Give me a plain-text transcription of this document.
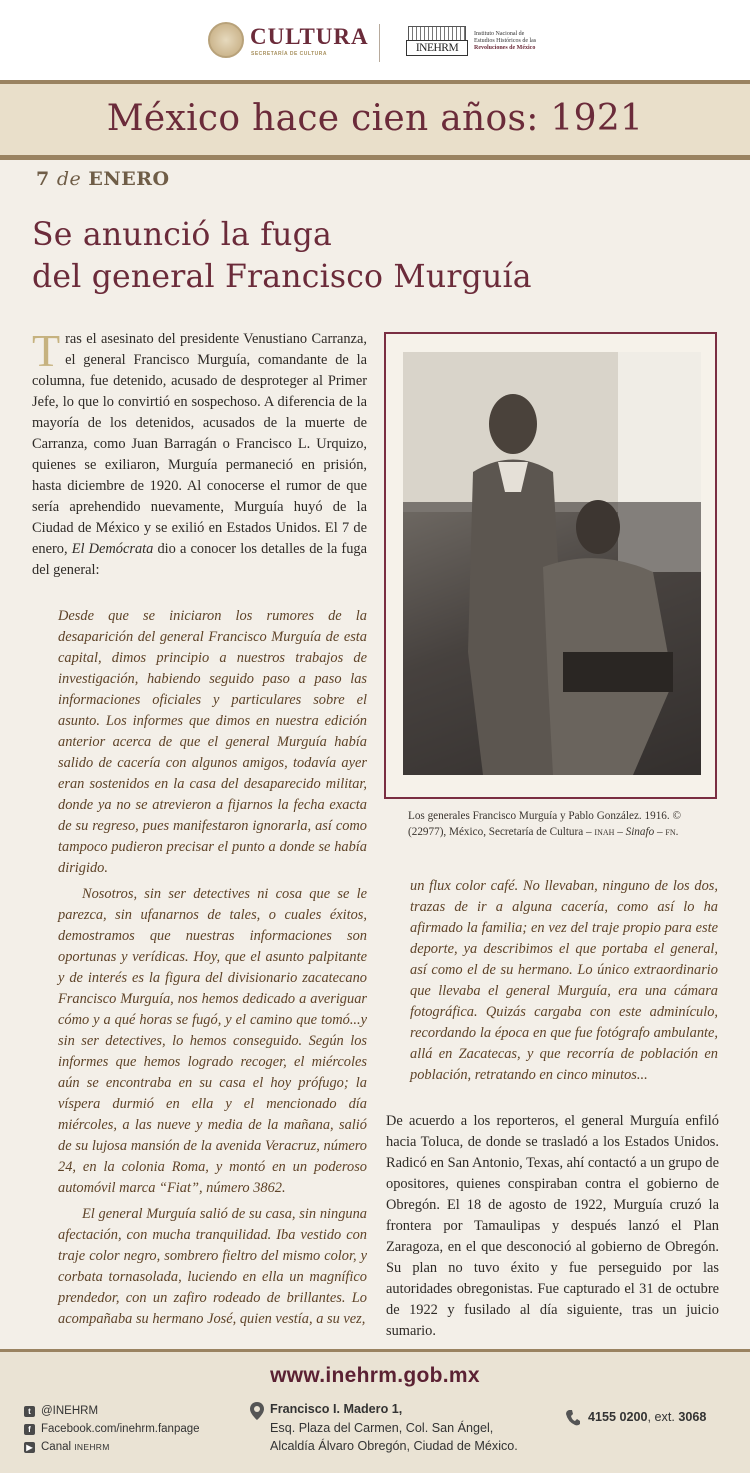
CULTURA
SECRETARÍA DE CULTURA	INEHRM
Instituto Nacional de
Estudios Históricos de las
Revoluciones de México
México hace cien años: 1921
7 de ENERO
Se anunció la fuga
del general Francisco Murguía
Tras el asesinato del presidente Venustiano Carranza, el general Francisco Murguía, comandante de la columna, fue detenido, acusado de desproteger al Primer Jefe, lo que lo convirtió en sospechoso. A diferencia de la mayoría de los detenidos, acusados de la muerte de Carranza, como Juan Barragán o Francisco L. Urquizo, quienes se exiliaron, Murguía permaneció en prisión, hasta diciembre de 1920. Al conocerse el rumor de que sería aprehendido nuevamente, Murguía huyó de la Ciudad de México y se exilió en Estados Unidos. El 7 de enero, El Demócrata dio a conocer los detalles de la fuga del general:

Desde que se iniciaron los rumores de la desaparición del general Francisco Murguía de esta capital, dimos principio a nuestros trabajos de investigación, habiendo seguido paso a paso las informaciones oficiales y particulares sobre el asunto. Los informes que dimos en nuestra edición anterior acerca de que el general Murguía había salido de cacería con algunos amigos, todavía ayer eran sostenidos en la casa del desaparecido militar, donde ya no se atrevieron a fijarnos la fecha exacta de su regreso, pues manifestaron ignorarla, así como tampoco pudieron precisar el punto a donde se había dirigido.

Nosotros, sin ser detectives ni cosa que se le parezca, sin ufanarnos de tales, o cuales éxitos, demostramos que nuestras informaciones son oportunas y verídicas. Hoy, que el asunto palpitante y de interés es la figura del divisionario zacatecano Francisco Murguía, nos hemos dedicado a averiguar cómo y a qué horas se fugó, y el camino que tomó...y sin ser detectives, lo hemos conseguido. Según los informes que hemos logrado recoger, el miércoles aún se encontraba en su casa el hoy prófugo; la víspera durmió en ella y el mencionado día miércoles, a las nueve y media de la mañana, salió de su lujosa mansión de la avenida Veracruz, número 24, en la colonia Roma, y montó en un poderoso automóvil marca “Fiat”, número 3862.

El general Murguía salió de su casa, sin ninguna afectación, con mucha tranquilidad. Iba vestido con traje color negro, sombrero fieltro del mismo color, y corbata tornasolada, luciendo en ella un magnífico prendedor, con un zafiro rodeado de brillantes. Lo acompañaba su hermano José, quien vestía, a su vez,

Los generales Francisco Murguía y Pablo González. 1916. © (22977), México, Secretaría de Cultura – inah – Sinafo – fn.

un flux color café. No llevaban, ninguno de los dos, trazas de ir a alguna cacería, como así lo ha afirmado la familia; en vez del traje propio para este deporte, ya describimos el que portaba el general, así como el de su hermano. Lo único extraordinario que llevaba el general Murguía, era una cámara fotográfica. Quizás cargaba con este adminículo, recordando la época en que fue fotógrafo ambulante, allá en Zacatecas, y que recorría de población en población, retratando en cinco minutos...

De acuerdo a los reporteros, el general Murguía enfiló hacia Toluca, de donde se trasladó a los Estados Unidos. Radicó en San Antonio, Texas, ahí contactó a un grupo de opositores, quienes conspiraban contra el gobierno de Obregón. El 18 de agosto de 1922, Murguía cruzó la frontera por Tamaulipas y después lanzó el Plan Zaragoza, en el que desconoció al gobierno de Obregón. Su plan no tuvo éxito y fue perseguido por las autoridades obregonistas. Fue capturado el 31 de octubre de 1922 y fusilado al día siguiente, tras un juicio sumario.

www.inehrm.gob.mx
t @INEHRM
f Facebook.com/inehrm.fanpage
▶ Canal INEHRM
Francisco I. Madero 1,
Esq. Plaza del Carmen, Col. San Ángel,
Alcaldía Álvaro Obregón, Ciudad de México.
4155 0200, ext. 3068
